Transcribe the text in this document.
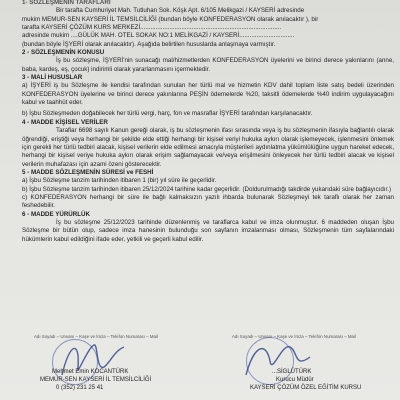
1- SÖZLEŞMENİN TARAFLARI

Bir tarafta Cumhuriyet Mah. Tutluhan Sok. Köşk Apt. 6/105 Melikgazi / KAYSERİ adresinde

mukim MEMUR-SEN KAYSERİ İL TEMSİLCİLİĞİ (bundan böyle KONFEDERASYON olarak anılacaktır ), bir

tarafta KAYSERİ ÇÖZÜM KURS MERKEZİ..................................................................................

adresinde mukim ....GÜLÜK MAH. OTEL SOKAK NO:1 MELİKGAZİ / KAYSERİ................................

(bundan böyle İŞYERİ olarak anılacaktır). Aşağıda belirtilen hususlarda anlaşmaya varmıştır.

2 - SÖZLEŞMENİN KONUSU

İş bu sözleşme, İŞYERİ'nin sunacağı mal/hizmetlerden KONFEDERASYON üyelerini ve birinci derece yakınlarını (anne, baba, kardeş, eş, çocuk) indirimli olarak yararlanmasını içermektedir.

3 - MALİ HUSUSLAR

a) İŞYERİ iş bu Sözleşme ile kendisi tarafından sunulan her türlü mal ve hizmetin KDV dahil toplam liste satış bedeli üzerinden KONFEDERASYON üyelerine ve birinci derece yakınlarına PEŞİN ödemelerde %20, taksitli ödemelerde %40 indirim uygulayacağını kabul ve taahhüt eder.

b) İşbu Sözleşmeden doğabilecek her türlü vergi, harç, fon ve masraflar İŞYERİ tarafından karşılanacaktır.

4 - MADDE KİŞİSEL VERİLER

Taraflar 6698 sayılı Kanun gereği olarak, iş bu sözleşmenin ifası sırasında veya iş bu sözleşmenin ifasıyla bağlantılı olarak öğrendiği, eriştiği veya herhangi bir şekilde elde ettiği herhangi bir kişisel veriyi hukuka aykırı olarak işlemeyecek, işlenmesini önlemek için gerekli her türlü tedbiri alacak, kişisel verilerin elde edilmesi amacıyla müşterileri aydınlatma yükümlülüğüne uygun hareket edecek, herhangi bir kişisel veriye hukuka aykırı olarak erişim sağlamayacak ve/veya erişilmesini önleyecek her türlü tedbiri alacak ve kişisel verilerin muhafazası için azami özeni gösterecektir.

5 - MADDE SÖZLEŞMENİN SÜRESİ ve FESHİ

a) İşbu Sözleşme tanzim tarihinden itibaren 1 (bir) yıl süre ile geçerlidir.

b) İşbu Sözleşme tanzim tarihinden itibaren 25/12/2024 tarihine kadar geçerlidir. (Doldurulmadığı takdirde yukarıdaki süre bağlayıcıdır.)

c) KONFEDERASYON herhangi bir süre ile bağlı kalmaksızın yazılı ihbarda bulunarak Sözleşmeyi tek taraflı olarak her zaman feshedebilir.

6 - MADDE YÜRÜRLÜK

İş bu sözleşme 25/12/2023 tarihinde düzenlenmiş ve taraflarca kabul ve imza olunmuştur. 6 maddeden oluşan İşbu Sözleşme bir bütün olup, sadece imza hanesinin bulunduğu son sayfanın imzalanması olması, Sözleşmenin tüm sayfalarındaki hükümlerin kabul edildiğini ifade eder, yetkili ve geçerli kabul edilir.

Adı Soyadı – Unvanı – Kaşe ve İmza – Telefon Numarası – Mail
Mehmet Emin KOCANTÜRK
MEMUR-SEN KAYSERİ İL TEMSİLCİLİĞİ
0 (352) 231 25 41
Adı Soyadı – Unvanı – Kaşe ve İmza – Telefon Numarası – Mail
...SİGLÜTÜRK
Kurucu Müdür
KAYSERİ ÇÖZÜM ÖZEL EĞİTİM KURSU
